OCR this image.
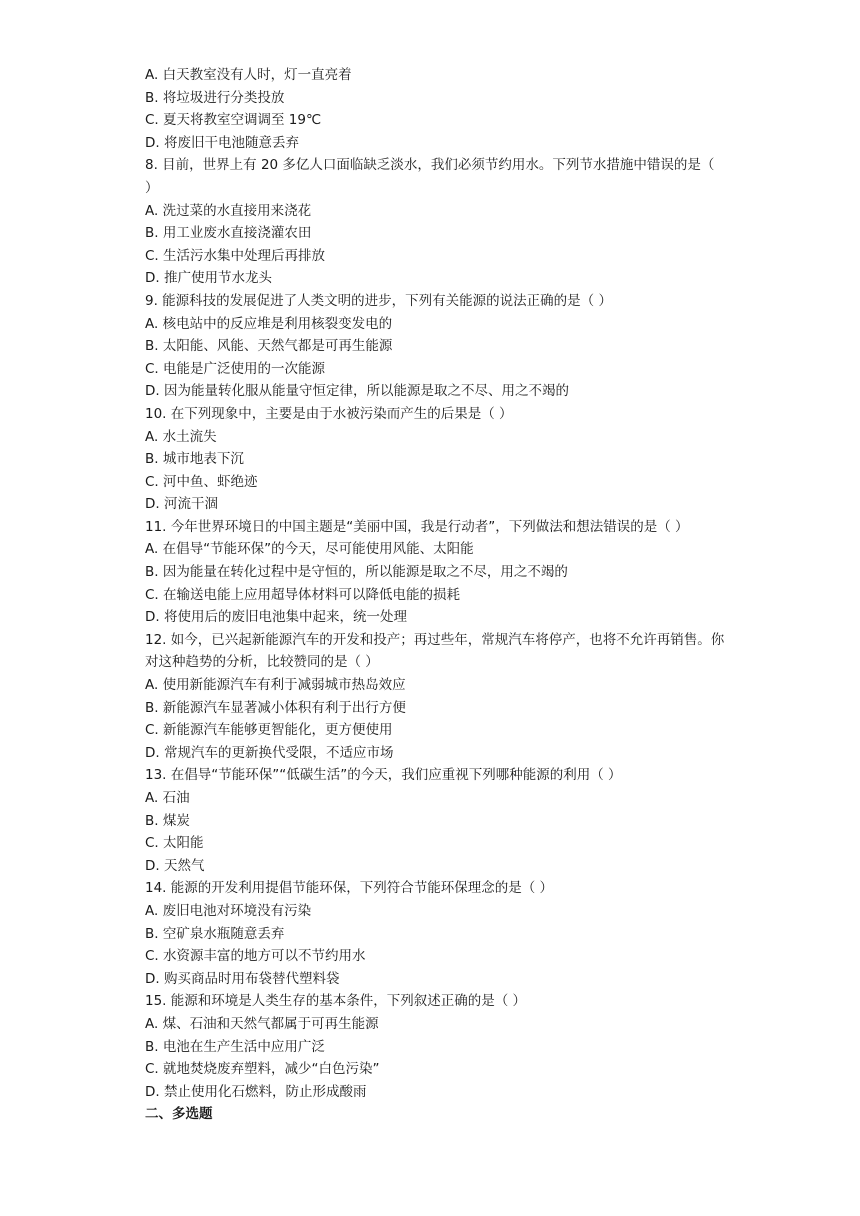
A. 白天教室没有人时，灯一直亮着
B. 将垃圾进行分类投放
C. 夏天将教室空调调至 19℃
D. 将废旧干电池随意丢弃
8. 目前，世界上有 20 多亿人口面临缺乏淡水，我们必须节约用水。下列节水措施中错误的是（ ）
A. 洗过菜的水直接用来浇花
B. 用工业废水直接浇灌农田
C. 生活污水集中处理后再排放
D. 推广使用节水龙头
9. 能源科技的发展促进了人类文明的进步，下列有关能源的说法正确的是（ ）
A. 核电站中的反应堆是利用核裂变发电的
B. 太阳能、风能、天然气都是可再生能源
C. 电能是广泛使用的一次能源
D. 因为能量转化服从能量守恒定律，所以能源是取之不尽、用之不竭的
10. 在下列现象中，主要是由于水被污染而产生的后果是（ ）
A. 水土流失
B. 城市地表下沉
C. 河中鱼、虾绝迹
D. 河流干涸
11. 今年世界环境日的中国主题是“美丽中国，我是行动者”，下列做法和想法错误的是（ ）
A. 在倡导“节能环保”的今天，尽可能使用风能、太阳能
B. 因为能量在转化过程中是守恒的，所以能源是取之不尽，用之不竭的
C. 在输送电能上应用超导体材料可以降低电能的损耗
D. 将使用后的废旧电池集中起来，统一处理
12. 如今，已兴起新能源汽车的开发和投产；再过些年，常规汽车将停产，也将不允许再销售。你对这种趋势的分析，比较赞同的是（ ）
A. 使用新能源汽车有利于减弱城市热岛效应
B. 新能源汽车显著减小体积有利于出行方便
C. 新能源汽车能够更智能化，更方便使用
D. 常规汽车的更新换代受限，不适应市场
13. 在倡导“节能环保”“低碳生活”的今天，我们应重视下列哪种能源的利用（ ）
A. 石油
B. 煤炭
C. 太阳能
D. 天然气
14. 能源的开发利用提倡节能环保，下列符合节能环保理念的是（ ）
A. 废旧电池对环境没有污染
B. 空矿泉水瓶随意丢弃
C. 水资源丰富的地方可以不节约用水
D. 购买商品时用布袋替代塑料袋
15. 能源和环境是人类生存的基本条件，下列叙述正确的是（ ）
A. 煤、石油和天然气都属于可再生能源
B. 电池在生产生活中应用广泛
C. 就地焚烧废弃塑料，减少“白色污染”
D. 禁止使用化石燃料，防止形成酸雨
二、多选题
